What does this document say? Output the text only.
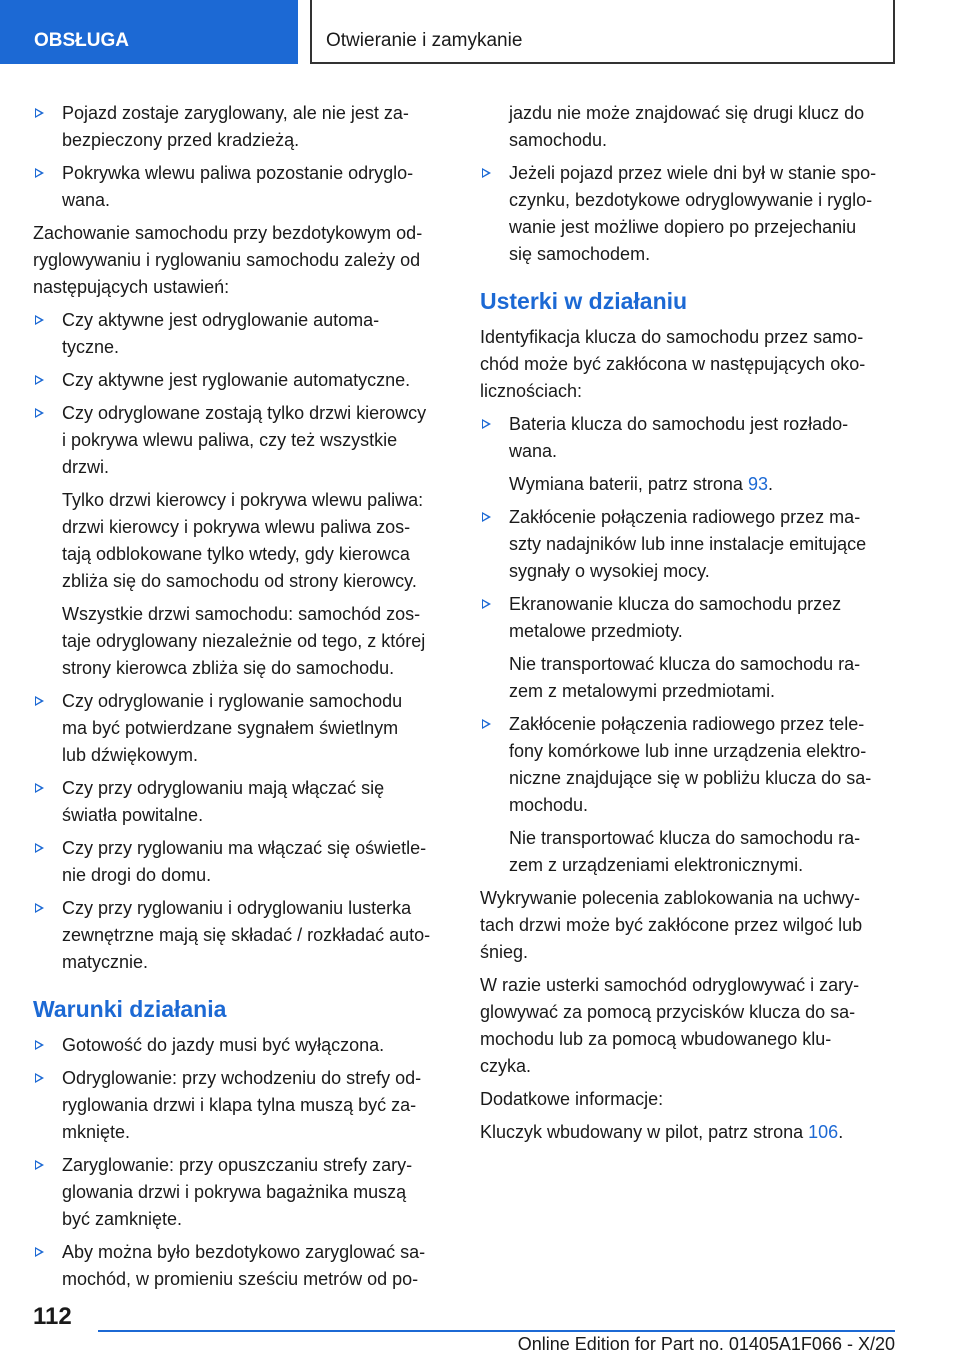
OBSŁUGA	Otwieranie i zamykanie
Pojazd zostaje zaryglowany, ale nie jest za-
bezpieczony przed kradzieżą.
Pokrywka wlewu paliwa pozostanie odryglo-
wana.

Zachowanie samochodu przy bezdotykowym od-
ryglowywaniu i ryglowaniu samochodu zależy od
następujących ustawień:

Czy aktywne jest odryglowanie automa-
tyczne.
Czy aktywne jest ryglowanie automatyczne.
Czy odryglowane zostają tylko drzwi kierowcy
i pokrywa wlewu paliwa, czy też wszystkie
drzwi.
Tylko drzwi kierowcy i pokrywa wlewu paliwa:
drzwi kierowcy i pokrywa wlewu paliwa zos-
tają odblokowane tylko wtedy, gdy kierowca
zbliża się do samochodu od strony kierowcy.
Wszystkie drzwi samochodu: samochód zos-
taje odryglowany niezależnie od tego, z której
strony kierowca zbliża się do samochodu.
Czy odryglowanie i ryglowanie samochodu
ma być potwierdzane sygnałem świetlnym
lub dźwiękowym.
Czy przy odryglowaniu mają włączać się
światła powitalne.
Czy przy ryglowaniu ma włączać się oświetle-
nie drogi do domu.
Czy przy ryglowaniu i odryglowaniu lusterka
zewnętrzne mają się składać / rozkładać auto-
matycznie.
Warunki działania
Gotowość do jazdy musi być wyłączona.
Odryglowanie: przy wchodzeniu do strefy od-
ryglowania drzwi i klapa tylna muszą być za-
mknięte.
Zaryglowanie: przy opuszczaniu strefy zary-
glowania drzwi i pokrywa bagażnika muszą
być zamknięte.
Aby można było bezdotykowo zaryglować sa-
mochód, w promieniu sześciu metrów od po-
jazdu nie może znajdować się drugi klucz do
samochodu.
Jeżeli pojazd przez wiele dni był w stanie spo-
czynku, bezdotykowe odryglowywanie i ryglo-
wanie jest możliwe dopiero po przejechaniu
się samochodem.
Usterki w działaniu

Identyfikacja klucza do samochodu przez samo-
chód może być zakłócona w następujących oko-
licznościach:

Bateria klucza do samochodu jest rozłado-
wana.
Wymiana baterii, patrz strona 93.
Zakłócenie połączenia radiowego przez ma-
szty nadajników lub inne instalacje emitujące
sygnały o wysokiej mocy.
Ekranowanie klucza do samochodu przez
metalowe przedmioty.
Nie transportować klucza do samochodu ra-
zem z metalowymi przedmiotami.
Zakłócenie połączenia radiowego przez tele-
fony komórkowe lub inne urządzenia elektro-
niczne znajdujące się w pobliżu klucza do sa-
mochodu.
Nie transportować klucza do samochodu ra-
zem z urządzeniami elektronicznymi.

Wykrywanie polecenia zablokowania na uchwy-
tach drzwi może być zakłócone przez wilgoć lub
śnieg.

W razie usterki samochód odryglowywać i zary-
glowywać za pomocą przycisków klucza do sa-
mochodu lub za pomocą wbudowanego klu-
czyka.

Dodatkowe informacje:

Kluczyk wbudowany w pilot, patrz strona 106.

112
Online Edition for Part no. 01405A1F066 - X/20
